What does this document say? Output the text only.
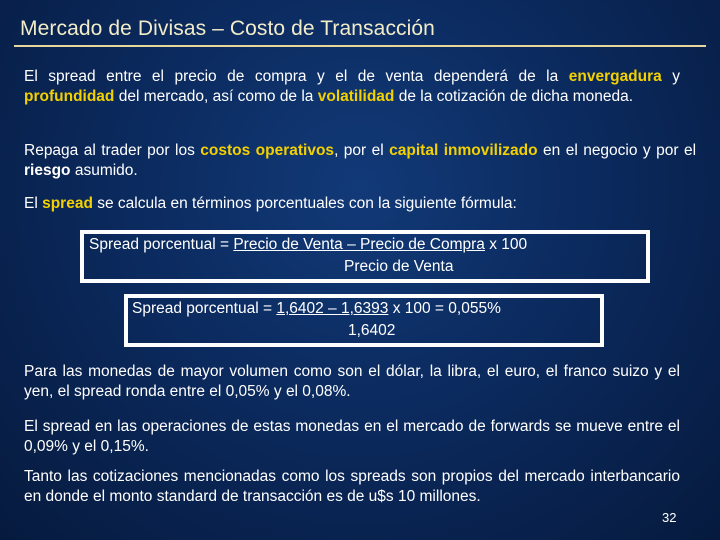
Mercado de Divisas – Costo de Transacción
El spread entre el precio de compra y el de venta dependerá de la envergadura y profundidad del mercado, así como de la volatilidad de la cotización de dicha moneda.
Repaga al trader por los costos operativos, por el capital inmovilizado en el negocio y por el riesgo asumido.
El spread se calcula en términos porcentuales con la siguiente fórmula:
Spread porcentual = Precio de Venta – Precio de Compra x 100
Precio de Venta
Spread porcentual = 1,6402 – 1,6393 x 100 = 0,055%
1,6402
Para las monedas de mayor volumen como son el dólar, la libra, el euro, el franco suizo y el yen, el spread ronda entre el 0,05% y el 0,08%.
El spread en las operaciones de estas monedas en el mercado de forwards se mueve entre el 0,09% y el 0,15%.
Tanto las cotizaciones mencionadas como los spreads son propios del mercado interbancario en donde el monto standard de transacción es de u$s 10 millones.
32
